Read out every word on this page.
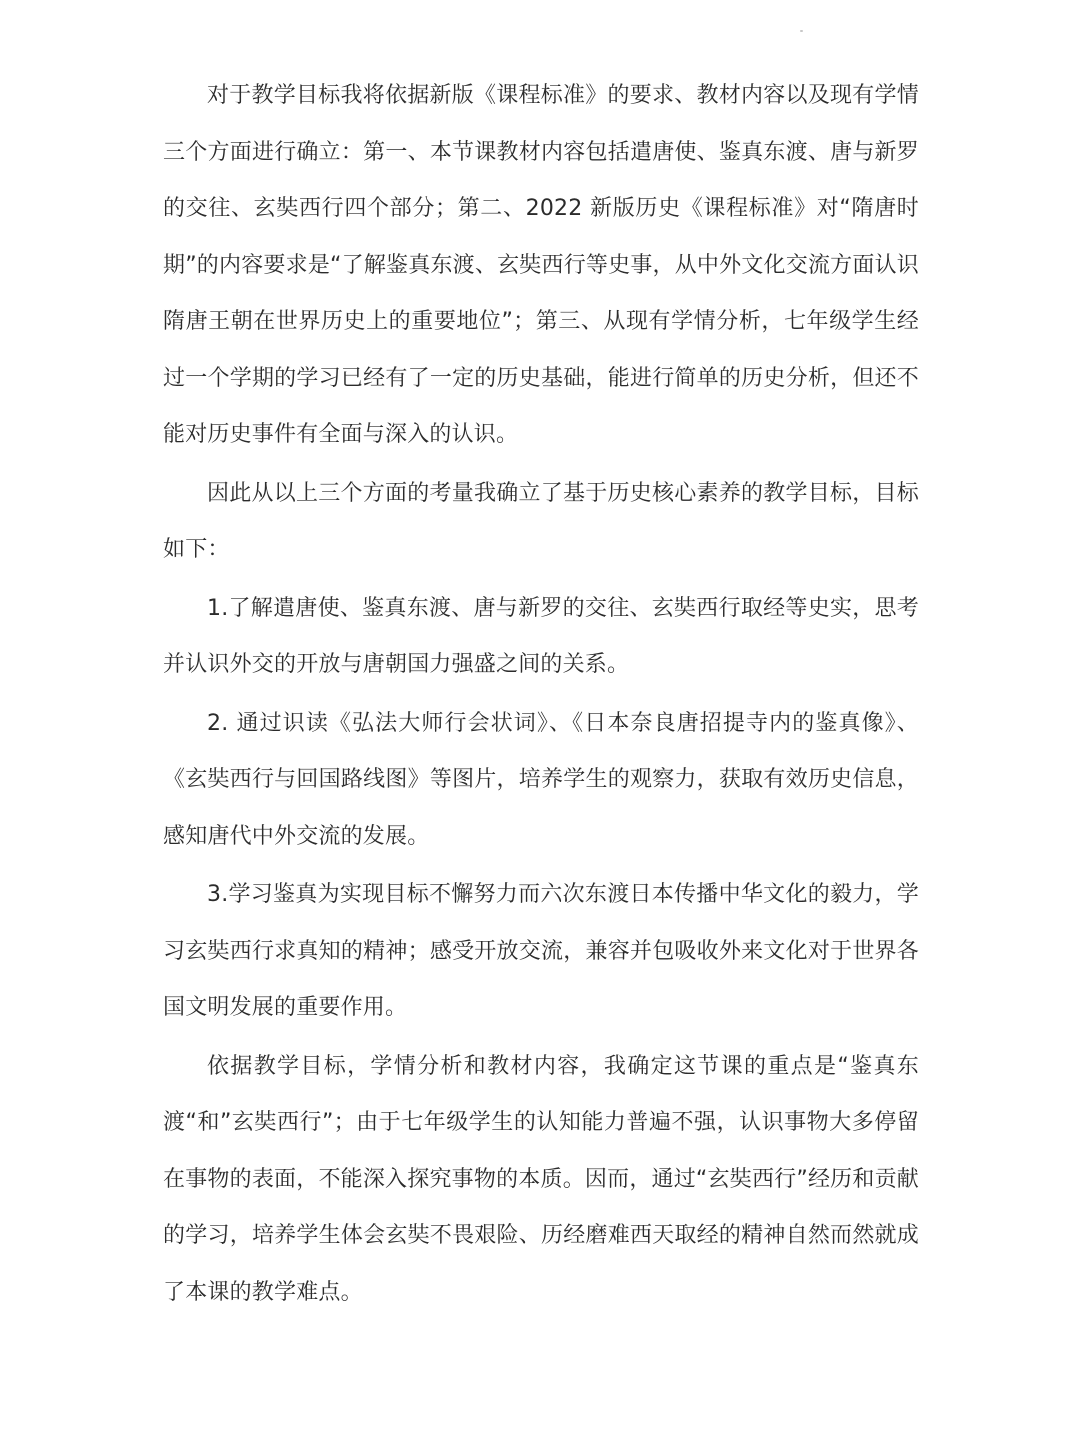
对于教学目标我将依据新版《课程标准》的要求、教材内容以及现有学情三个方面进行确立：第一、本节课教材内容包括遣唐使、鉴真东渡、唐与新罗的交往、玄奘西行四个部分；第二、2022 新版历史《课程标准》对“隋唐时期”的内容要求是“了解鉴真东渡、玄奘西行等史事，从中外文化交流方面认识隋唐王朝在世界历史上的重要地位”；第三、从现有学情分析，七年级学生经过一个学期的学习已经有了一定的历史基础，能进行简单的历史分析，但还不能对历史事件有全面与深入的认识。

因此从以上三个方面的考量我确立了基于历史核心素养的教学目标，目标如下：

1.了解遣唐使、鉴真东渡、唐与新罗的交往、玄奘西行取经等史实，思考并认识外交的开放与唐朝国力强盛之间的关系。

2. 通过识读《弘法大师行会状词》、《日本奈良唐招提寺内的鉴真像》、《玄奘西行与回国路线图》等图片，培养学生的观察力，获取有效历史信息，感知唐代中外交流的发展。

3.学习鉴真为实现目标不懈努力而六次东渡日本传播中华文化的毅力，学习玄奘西行求真知的精神；感受开放交流，兼容并包吸收外来文化对于世界各国文明发展的重要作用。

依据教学目标，学情分析和教材内容，我确定这节课的重点是“鉴真东渡“和”玄奘西行”；由于七年级学生的认知能力普遍不强，认识事物大多停留在事物的表面，不能深入探究事物的本质。因而，通过“玄奘西行”经历和贡献的学习，培养学生体会玄奘不畏艰险、历经磨难西天取经的精神自然而然就成了本课的教学难点。
